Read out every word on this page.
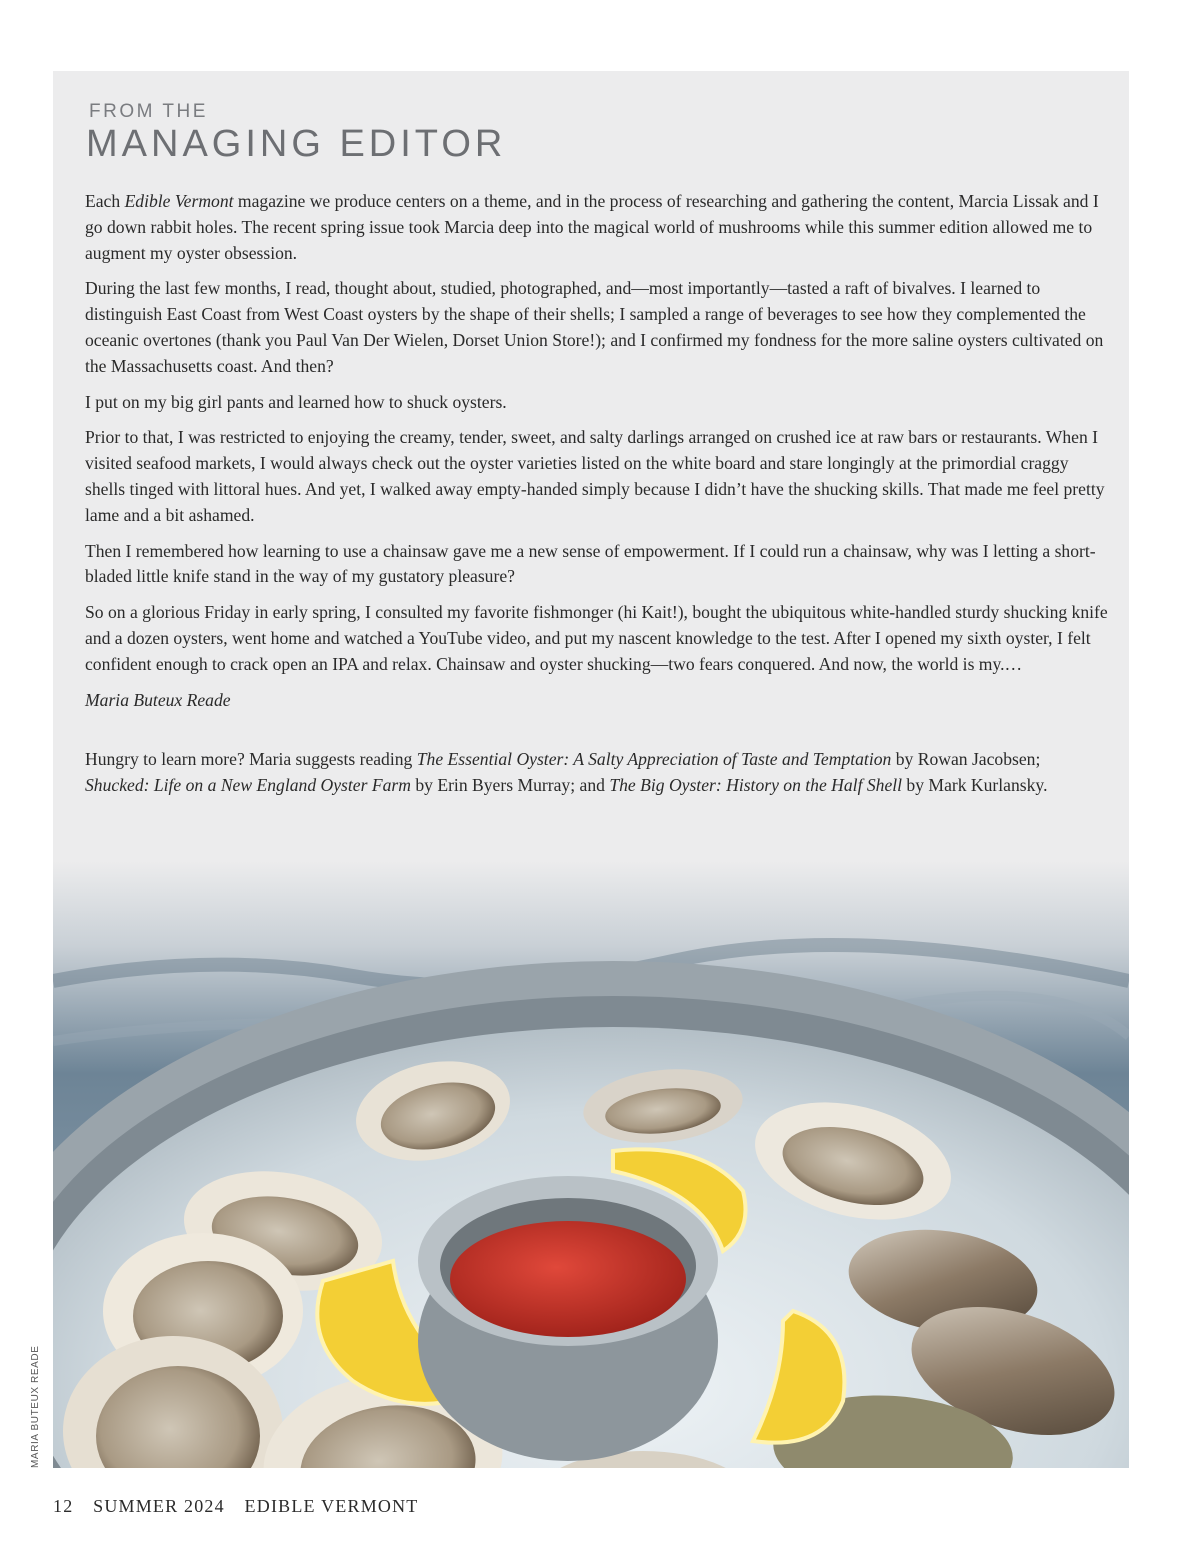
FROM THE
MANAGING EDITOR

Each Edible Vermont magazine we produce centers on a theme, and in the process of researching and gathering the content, Marcia Lissak and I go down rabbit holes. The recent spring issue took Marcia deep into the magical world of mushrooms while this summer edition allowed me to augment my oyster obsession.

During the last few months, I read, thought about, studied, photographed, and—most importantly—tasted a raft of bivalves. I learned to distinguish East Coast from West Coast oysters by the shape of their shells; I sampled a range of beverages to see how they complemented the oceanic overtones (thank you Paul Van Der Wielen, Dorset Union Store!); and I confirmed my fondness for the more saline oysters cultivated on the Massachusetts coast. And then?

I put on my big girl pants and learned how to shuck oysters.

Prior to that, I was restricted to enjoying the creamy, tender, sweet, and salty darlings arranged on crushed ice at raw bars or restaurants. When I visited seafood markets, I would always check out the oyster varieties listed on the white board and stare longingly at the primordial craggy shells tinged with littoral hues. And yet, I walked away empty-handed simply because I didn’t have the shucking skills. That made me feel pretty lame and a bit ashamed.

Then I remembered how learning to use a chainsaw gave me a new sense of empowerment. If I could run a chainsaw, why was I letting a short-bladed little knife stand in the way of my gustatory pleasure?

So on a glorious Friday in early spring, I consulted my favorite fishmonger (hi Kait!), bought the ubiquitous white-handled sturdy shucking knife and a dozen oysters, went home and watched a YouTube video, and put my nascent knowledge to the test. After I opened my sixth oyster, I felt confident enough to crack open an IPA and relax. Chainsaw and oyster shucking—two fears conquered. And now, the world is my.…

Maria Buteux Reade

Hungry to learn more? Maria suggests reading The Essential Oyster: A Salty Appreciation of Taste and Temptation by Rowan Jacobsen; Shucked: Life on a New England Oyster Farm by Erin Byers Murray; and The Big Oyster: History on the Half Shell by Mark Kurlansky.

MARIA BUTEUX READE
12 SUMMER 2024 EDIBLE VERMONT
